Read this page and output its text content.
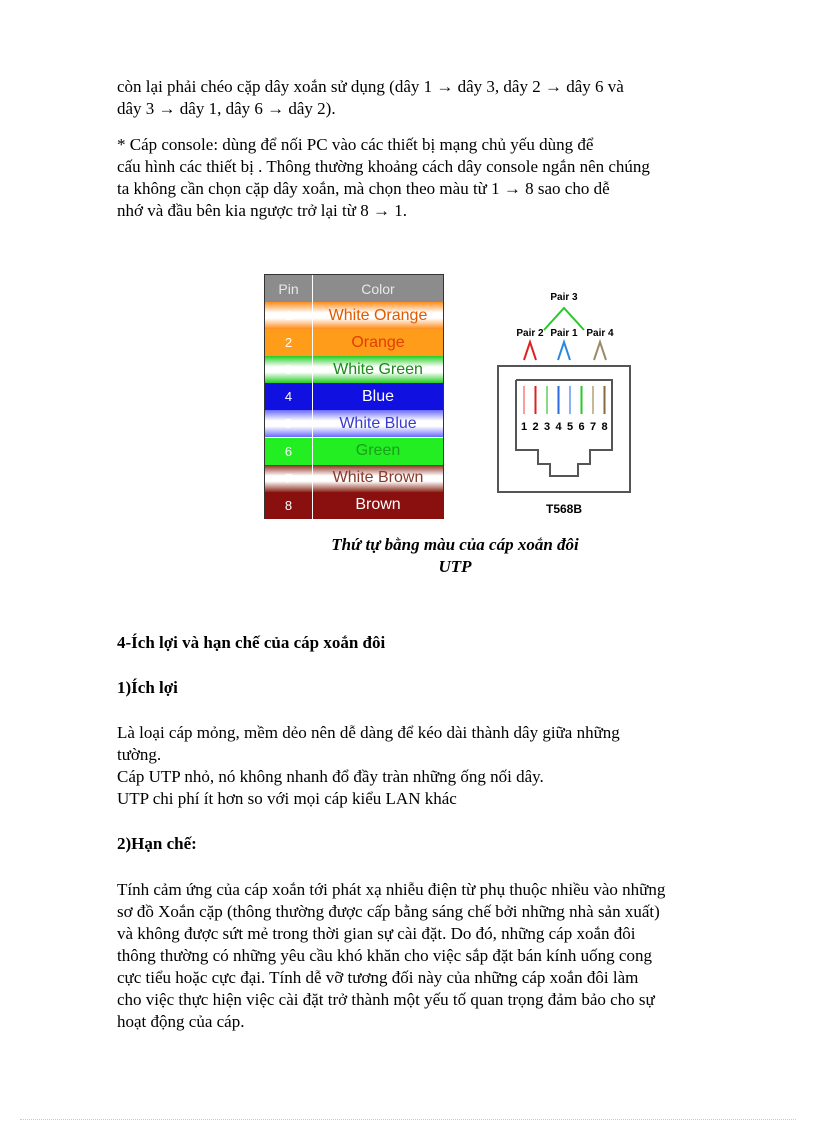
còn lại phải chéo cặp dây xoắn sử dụng (dây 1 → dây 3, dây 2 → dây 6 và
dây 3 → dây 1, dây 6 → dây 2).

* Cáp console: dùng để nối PC vào các thiết bị mạng chủ yếu dùng để
cấu hình các thiết bị . Thông thường khoảng cách dây console ngắn nên chúng
ta không cần chọn cặp dây xoắn, mà chọn theo màu từ 1 → 8 sao cho dễ
nhớ và đầu bên kia ngược trở lại từ 8 → 1.

Pin	Color
1	White Orange
2	Orange
3	White Green
4	Blue
5	White Blue
6	Green
7	White Brown
8	Brown
Pair 3
Pair 2 Pair 1 Pair 4
1 2 3 4 5 6 7 8
T568B

Thứ tự bằng màu của cáp xoắn đôi

UTP

4-Ích lợi và hạn chế của cáp xoắn đôi

1)Ích lợi

Là loại cáp mỏng, mềm dẻo nên dễ dàng để kéo dài thành dây giữa những
tường.
Cáp UTP nhỏ, nó không nhanh đổ đầy tràn những ống nối dây.
UTP chi phí ít hơn so với mọi cáp kiểu LAN khác

2)Hạn chế:

Tính cảm ứng của cáp xoắn tới phát xạ nhiễu điện từ phụ thuộc nhiều vào những
sơ đồ Xoắn cặp (thông thường được cấp bằng sáng chế bởi những nhà sản xuất)
và không được sứt mẻ trong thời gian sự cài đặt. Do đó, những cáp xoắn đôi
thông thường có những yêu cầu khó khăn cho việc sắp đặt bán kính uống cong
cực tiểu hoặc cực đại. Tính dễ vỡ tương đối này của những cáp xoắn đôi làm
cho việc thực hiện việc cài đặt trở thành một yếu tố quan trọng đảm bảo cho sự
hoạt động của cáp.
